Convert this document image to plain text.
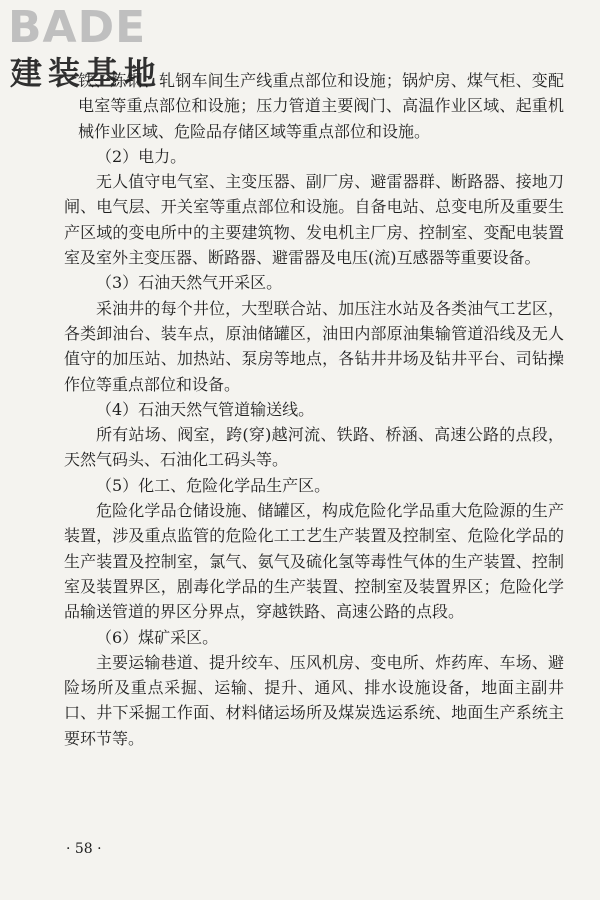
BADE
建装基地

铁、炼钢、轧钢车间生产线重点部位和设施；锅炉房、煤气柜、变配电室等重点部位和设施；压力管道主要阀门、高温作业区域、起重机械作业区域、危险品存储区域等重点部位和设施。

（2）电力。

无人值守电气室、主变压器、副厂房、避雷器群、断路器、接地刀闸、电气层、开关室等重点部位和设施。自备电站、总变电所及重要生产区域的变电所中的主要建筑物、发电机主厂房、控制室、变配电装置室及室外主变压器、断路器、避雷器及电压(流)互感器等重要设备。

（3）石油天然气开采区。

采油井的每个井位，大型联合站、加压注水站及各类油气工艺区，各类卸油台、装车点，原油储罐区，油田内部原油集输管道沿线及无人值守的加压站、加热站、泵房等地点，各钻井井场及钻井平台、司钻操作位等重点部位和设备。

（4）石油天然气管道输送线。

所有站场、阀室，跨(穿)越河流、铁路、桥涵、高速公路的点段，天然气码头、石油化工码头等。

（5）化工、危险化学品生产区。

危险化学品仓储设施、储罐区，构成危险化学品重大危险源的生产装置，涉及重点监管的危险化工工艺生产装置及控制室、危险化学品的生产装置及控制室，氯气、氨气及硫化氢等毒性气体的生产装置、控制室及装置界区，剧毒化学品的生产装置、控制室及装置界区；危险化学品输送管道的界区分界点，穿越铁路、高速公路的点段。

（6）煤矿采区。

主要运输巷道、提升绞车、压风机房、变电所、炸药库、车场、避险场所及重点采掘、运输、提升、通风、排水设施设备，地面主副井口、井下采掘工作面、材料储运场所及煤炭选运系统、地面生产系统主要环节等。

· 58 ·
